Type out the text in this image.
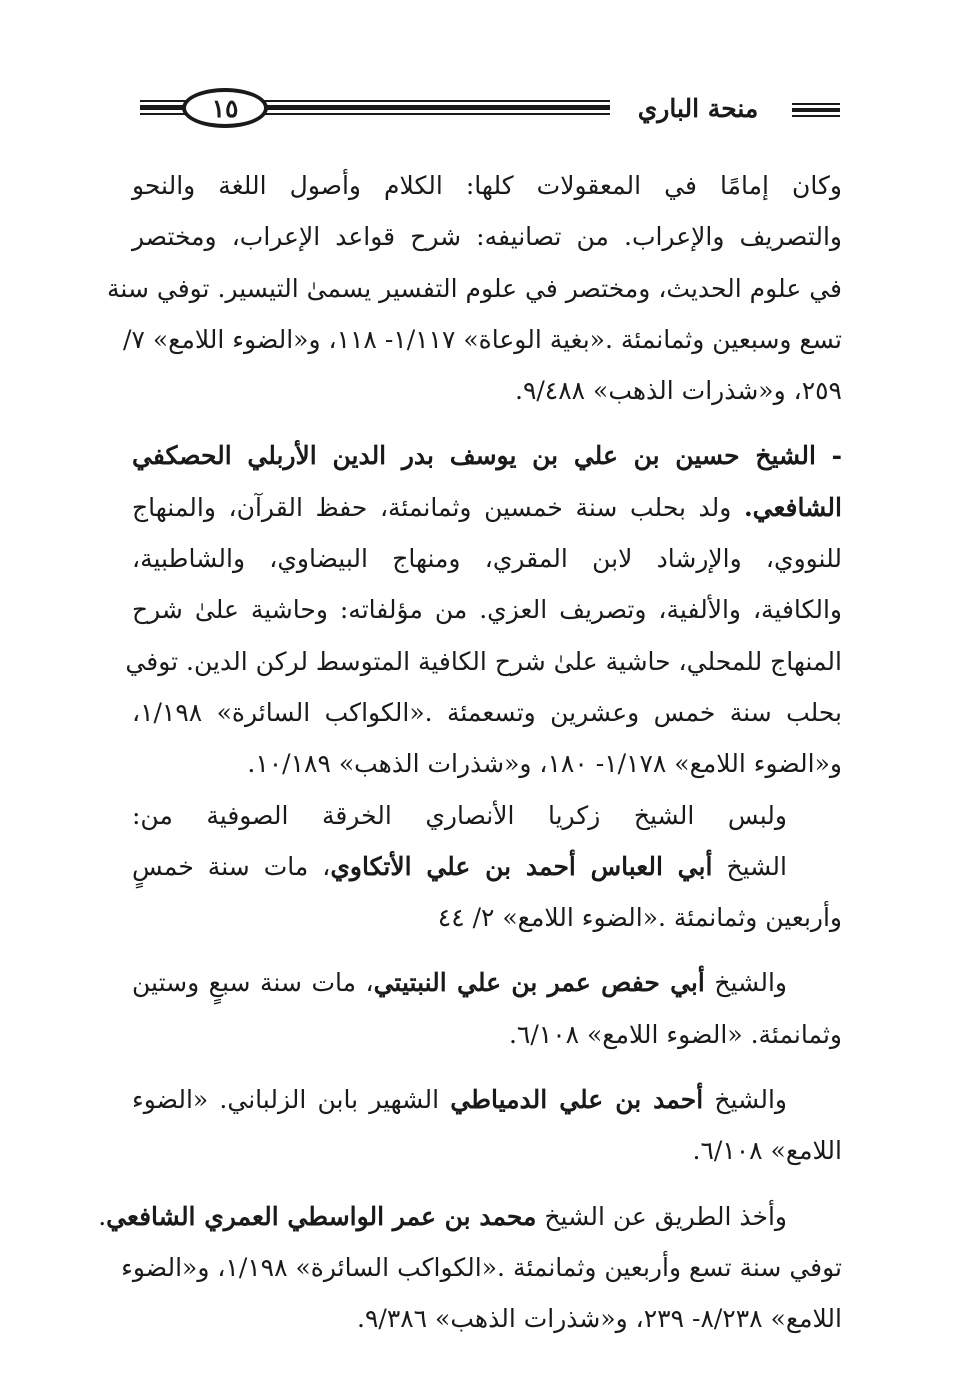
١٥	منحة الباري
وكان إمامًا في المعقولات كلها: الكلام وأصول اللغة والنحو
والتصريف والإعراب. من تصانيفه: شرح قواعد الإعراب، ومختصر
في علوم الحديث، ومختصر في علوم التفسير يسمىٰ التيسير. توفي سنة
تسع وسبعين وثمانمئة .«بغية الوعاة» ١/١١٧- ١١٨، و«الضوء اللامع» ٧/
٢٥٩، و«شذرات الذهب» ٩/٤٨٨.
- الشيخ حسين بن علي بن يوسف بدر الدين الأربلي الحصكفي
الشافعي. ولد بحلب سنة خمسين وثمانمئة، حفظ القرآن، والمنهاج
للنووي، والإرشاد لابن المقري، ومنهاج البيضاوي، والشاطبية،
والكافية، والألفية، وتصريف العزي. من مؤلفاته: وحاشية علىٰ شرح
المنهاج للمحلي، حاشية علىٰ شرح الكافية المتوسط لركن الدين. توفي
بحلب سنة خمس وعشرين وتسعمئة .«الكواكب السائرة» ١/١٩٨،
و«الضوء اللامع» ١/١٧٨- ١٨٠، و«شذرات الذهب» ١٠/١٨٩.
ولبس الشيخ زكريا الأنصاري الخرقة الصوفية من:
الشيخ أبي العباس أحمد بن علي الأتكاوي، مات سنة خمسٍ
وأربعين وثمانمئة .«الضوء اللامع» ٢/ ٤٤
والشيخ أبي حفص عمر بن علي النبتيتي، مات سنة سبعٍ وستين
وثمانمئة. «الضوء اللامع» ٦/١٠٨.
والشيخ أحمد بن علي الدمياطي الشهير بابن الزلباني. «الضوء
اللامع» ٦/١٠٨.
وأخذ الطريق عن الشيخ محمد بن عمر الواسطي العمري الشافعي.
توفي سنة تسع وأربعين وثمانمئة .«الكواكب السائرة» ١/١٩٨، و«الضوء
اللامع» ٨/٢٣٨- ٢٣٩، و«شذرات الذهب» ٩/٣٨٦.
